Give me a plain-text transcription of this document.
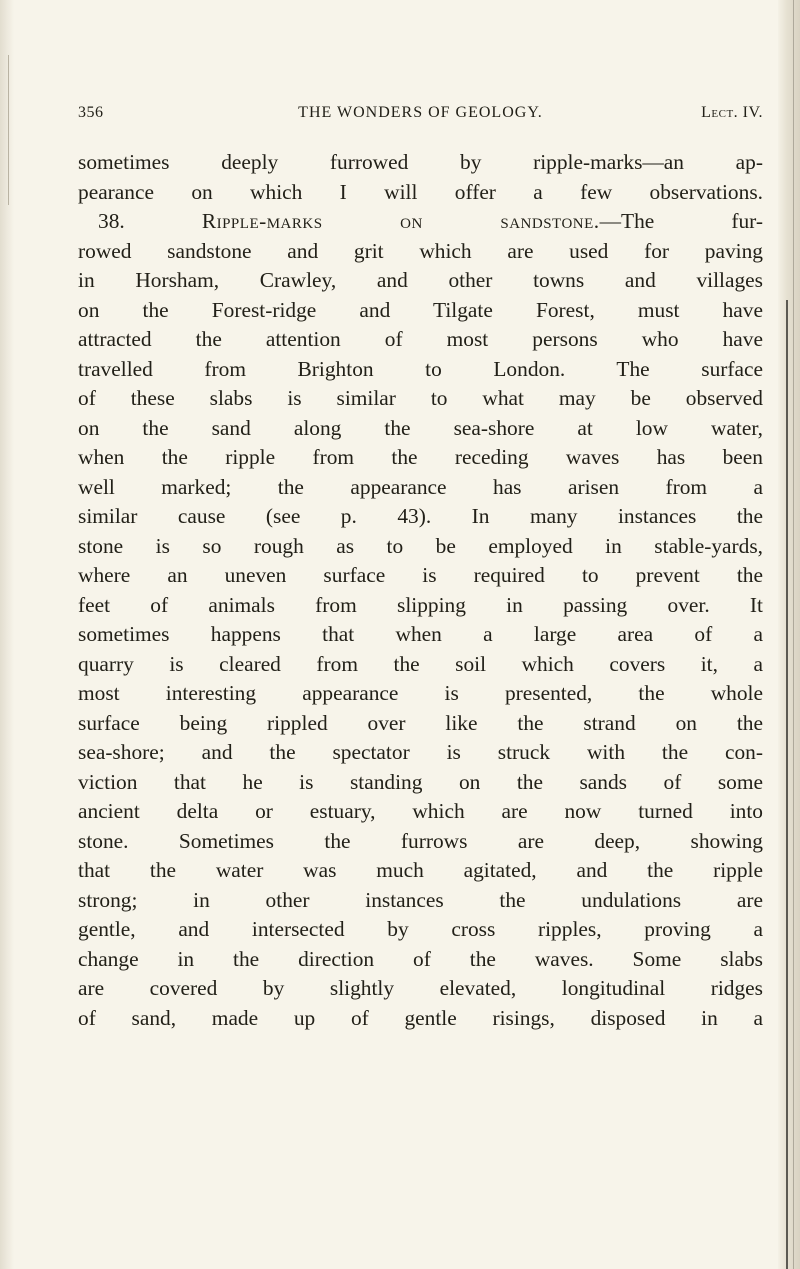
356	THE WONDERS OF GEOLOGY.	Lect. IV.
sometimes deeply furrowed by ripple-marks—an ap-
pearance on which I will offer a few observations.
38.	Ripple-marks on sandstone.—The fur-
rowed sandstone and grit which are used for paving
in Horsham, Crawley, and other towns and villages
on the Forest-ridge and Tilgate Forest, must have
attracted the attention of most persons who have
travelled from Brighton to London. The surface
of these slabs is similar to what may be observed
on the sand along the sea-shore at low water,
when the ripple from the receding waves has been
well marked; the appearance has arisen from a
similar cause (see p. 43). In many instances the
stone is so rough as to be employed in stable-yards,
where an uneven surface is required to prevent the
feet of animals from slipping in passing over. It
sometimes happens that when a large area of a
quarry is cleared from the soil which covers it, a
most interesting appearance is presented, the whole
surface being rippled over like the strand on the
sea-shore; and the spectator is struck with the con-
viction that he is standing on the sands of some
ancient delta or estuary, which are now turned into
stone. Sometimes the furrows are deep, showing
that the water was much agitated, and the ripple
strong; in other instances the undulations are
gentle, and intersected by cross ripples, proving a
change in the direction of the waves. Some slabs
are covered by slightly elevated, longitudinal ridges
of sand, made up of gentle risings, disposed in a
